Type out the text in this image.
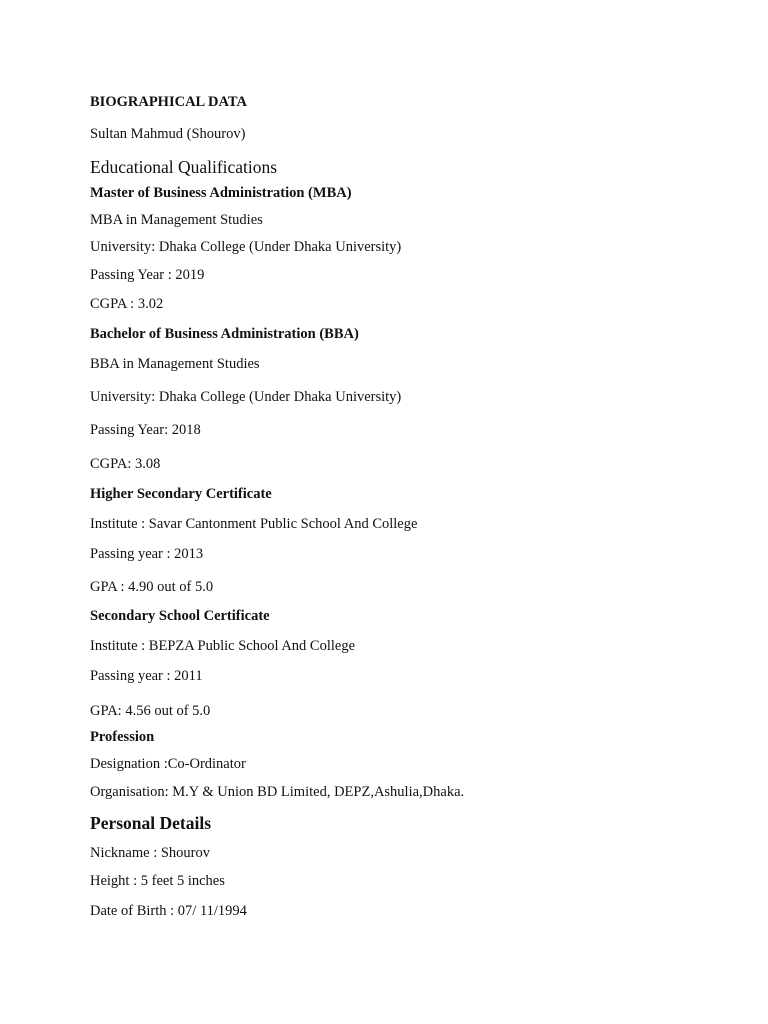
BIOGRAPHICAL DATA
Sultan Mahmud (Shourov)
Educational Qualifications
Master of Business Administration (MBA)
MBA in Management Studies
University: Dhaka College (Under Dhaka University)
Passing Year : 2019
CGPA : 3.02
Bachelor of Business Administration (BBA)
BBA in Management Studies
University: Dhaka College (Under Dhaka University)
Passing Year: 2018
CGPA: 3.08
Higher Secondary Certificate
Institute : Savar Cantonment Public School And College
Passing year : 2013
GPA : 4.90 out of 5.0
Secondary School Certificate
Institute : BEPZA Public School And College
Passing year : 2011
GPA: 4.56 out of 5.0
Profession
Designation :Co-Ordinator
Organisation: M.Y & Union BD Limited, DEPZ,Ashulia,Dhaka.
Personal Details
Nickname : Shourov
Height : 5 feet 5 inches
Date of Birth : 07/ 11/1994
